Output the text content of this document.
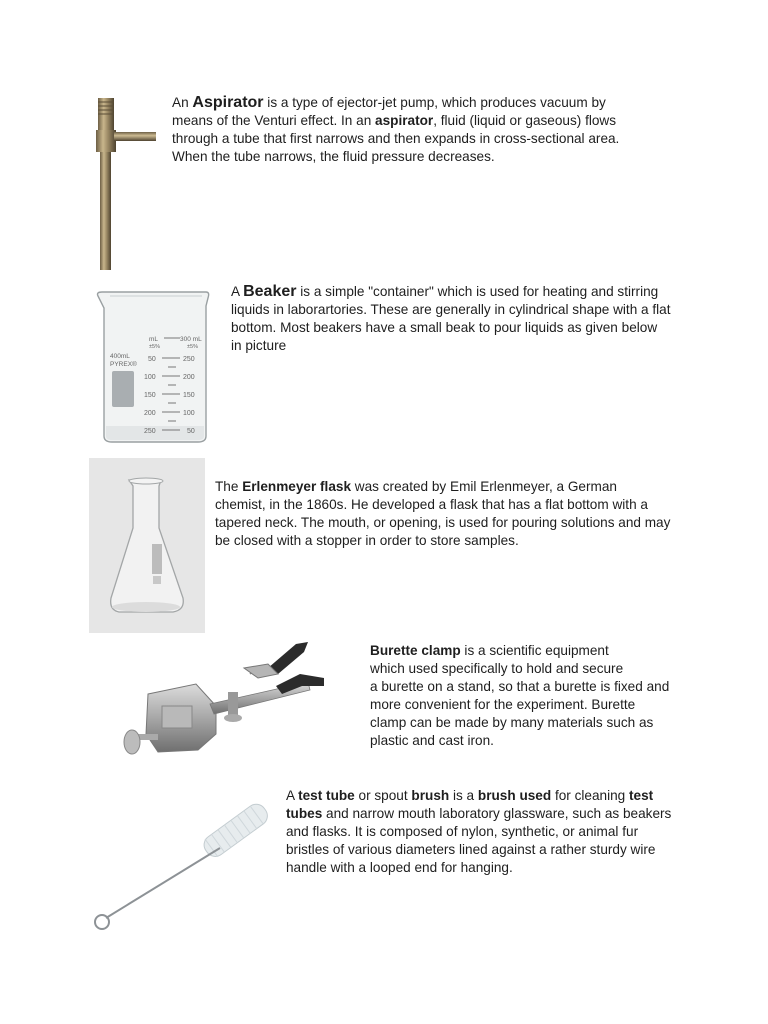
An Aspirator is a type of ejector-jet pump, which produces vacuum by
means of the Venturi effect. In an aspirator, fluid (liquid or gaseous) flows
through a tube that first narrows and then expands in cross-sectional area.
When the tube narrows, the fluid pressure decreases.
400mL
PYREX®
mL
±5%
300 mL
±5%
50
100
150
200
250
250
200
150
100
50
A Beaker is a simple "container" which is used for heating and stirring
liquids in laborartories. These are generally in cylindrical shape with a flat
bottom. Most beakers have a small beak to pour liquids as given below
in picture
The Erlenmeyer flask was created by Emil Erlenmeyer, a German
chemist, in the 1860s. He developed a flask that has a flat bottom with a
tapered neck. The mouth, or opening, is used for pouring solutions and may
be closed with a stopper in order to store samples.
Burette clamp is a scientific equipment
which used specifically to hold and secure
a burette on a stand, so that a burette is fixed and
more convenient for the experiment. Burette
clamp can be made by many materials such as
plastic and cast iron.
A test tube or spout brush is a brush used for cleaning test
tubes and narrow mouth laboratory glassware, such as beakers
and flasks. It is composed of nylon, synthetic, or animal fur
bristles of various diameters lined against a rather sturdy wire
handle with a looped end for hanging.
